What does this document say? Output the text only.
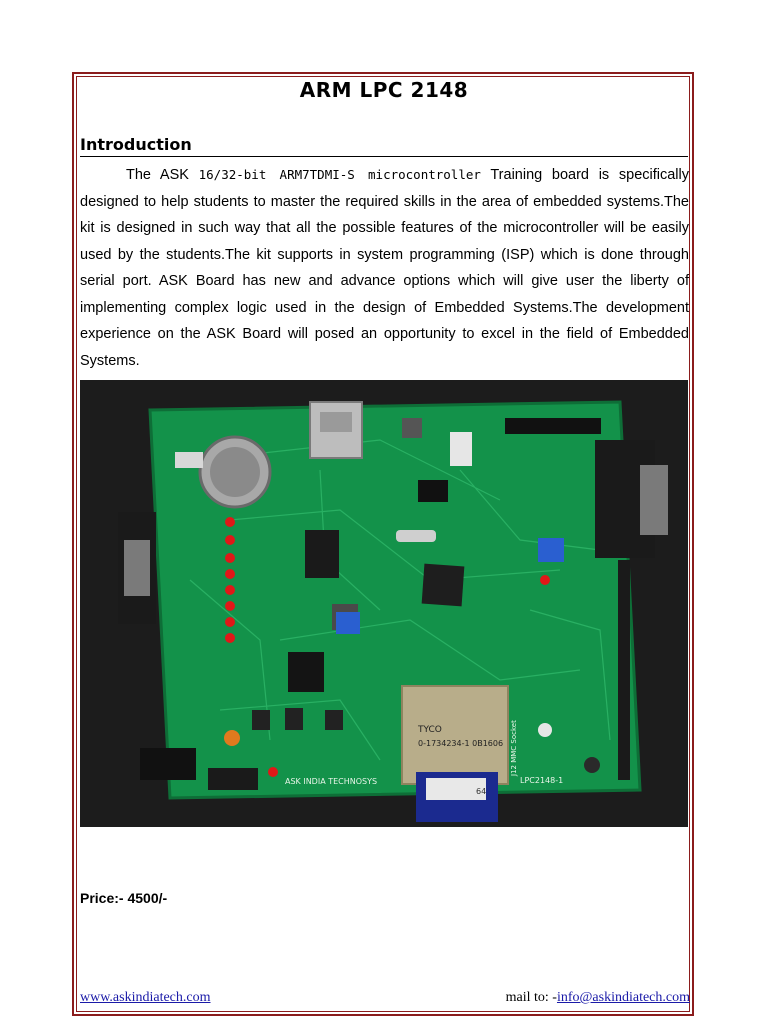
ARM LPC 2148
Introduction

The ASK 16/32-bit ARM7TDMI-S microcontroller Training board is specifically designed to help students to master the required skills in the area of embedded systems.The kit is designed in such way that all the possible features of the microcontroller will be easily used by the students.The kit supports in system programming (ISP) which is done through serial port. ASK Board has new and advance options which will give user the liberty of implementing complex logic used in the design of Embedded Systems.The development experience on the ASK Board will posed an opportunity to excel in the field of Embedded Systems.

TYCO
0-1734234-1 0B1606
64
ASK INDIA TECHNOSYS	LPC2148-1
J12 MMC Socket
Price:- 4500/-
www.askindiatech.com	mail to: -info@askindiatech.com
